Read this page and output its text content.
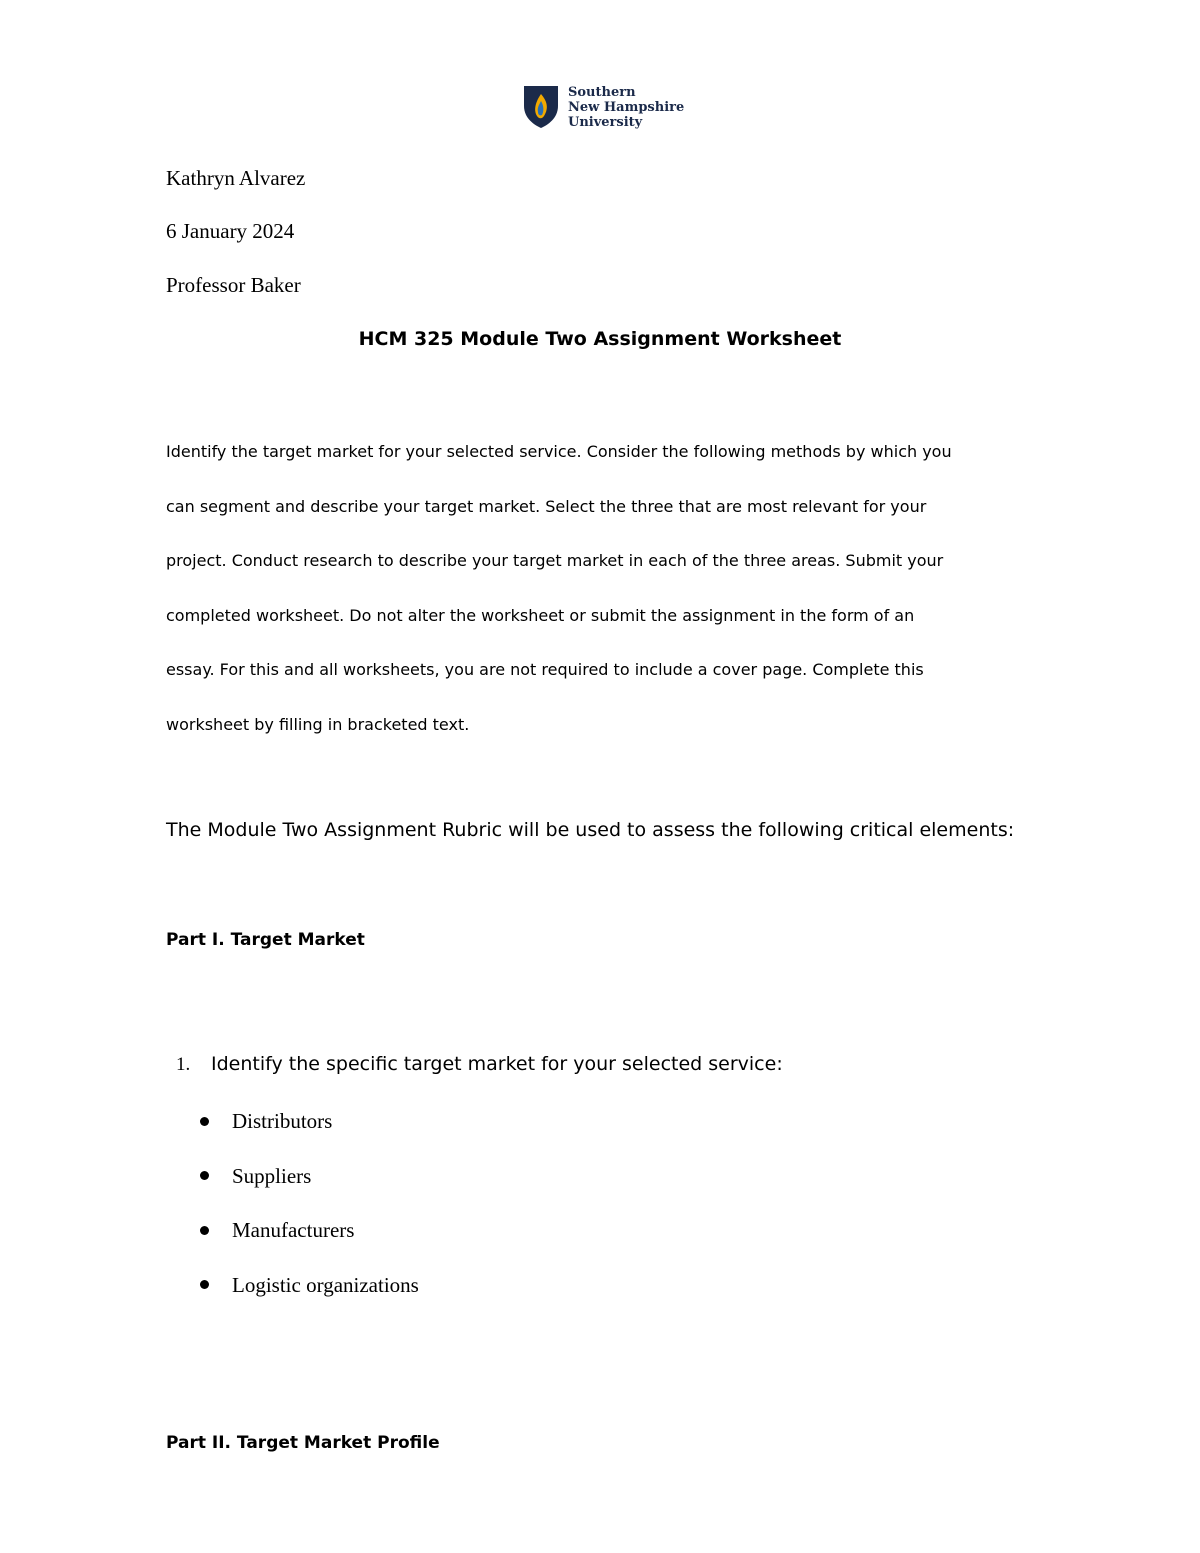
Southern
New Hampshire
University

Kathryn Alvarez

6 January 2024

Professor Baker

HCM 325 Module Two Assignment Worksheet
Identify the target market for your selected service. Consider the following methods by which you
can segment and describe your target market. Select the three that are most relevant for your
project. Conduct research to describe your target market in each of the three areas. Submit your
completed worksheet. Do not alter the worksheet or submit the assignment in the form of an
essay. For this and all worksheets, you are not required to include a cover page. Complete this
worksheet by filling in bracketed text.

The Module Two Assignment Rubric will be used to assess the following critical elements:

Part I. Target Market

1. Identify the specific target market for your selected service:

Distributors
Suppliers
Manufacturers
Logistic organizations

Part II. Target Market Profile
